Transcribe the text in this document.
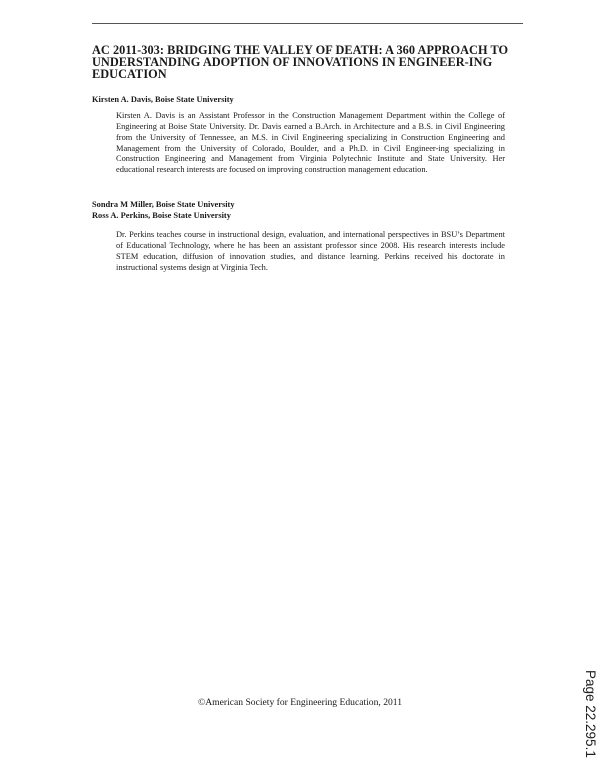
AC 2011-303: BRIDGING THE VALLEY OF DEATH: A 360 APPROACH TO UNDERSTANDING ADOPTION OF INNOVATIONS IN ENGINEER-ING EDUCATION

Kirsten A. Davis, Boise State University

Kirsten A. Davis is an Assistant Professor in the Construction Management Department within the College of Engineering at Boise State University. Dr. Davis earned a B.Arch. in Architecture and a B.S. in Civil Engineering from the University of Tennessee, an M.S. in Civil Engineering specializing in Construction Engineering and Management from the University of Colorado, Boulder, and a Ph.D. in Civil Engineer-ing specializing in Construction Engineering and Management from Virginia Polytechnic Institute and State University. Her educational research interests are focused on improving construction management education.

Sondra M Miller, Boise State University

Ross A. Perkins, Boise State University

Dr. Perkins teaches course in instructional design, evaluation, and international perspectives in BSU’s Department of Educational Technology, where he has been an assistant professor since 2008. His research interests include STEM education, diffusion of innovation studies, and distance learning. Perkins received his doctorate in instructional systems design at Virginia Tech.

©American Society for Engineering Education, 2011	Page 22.295.1
